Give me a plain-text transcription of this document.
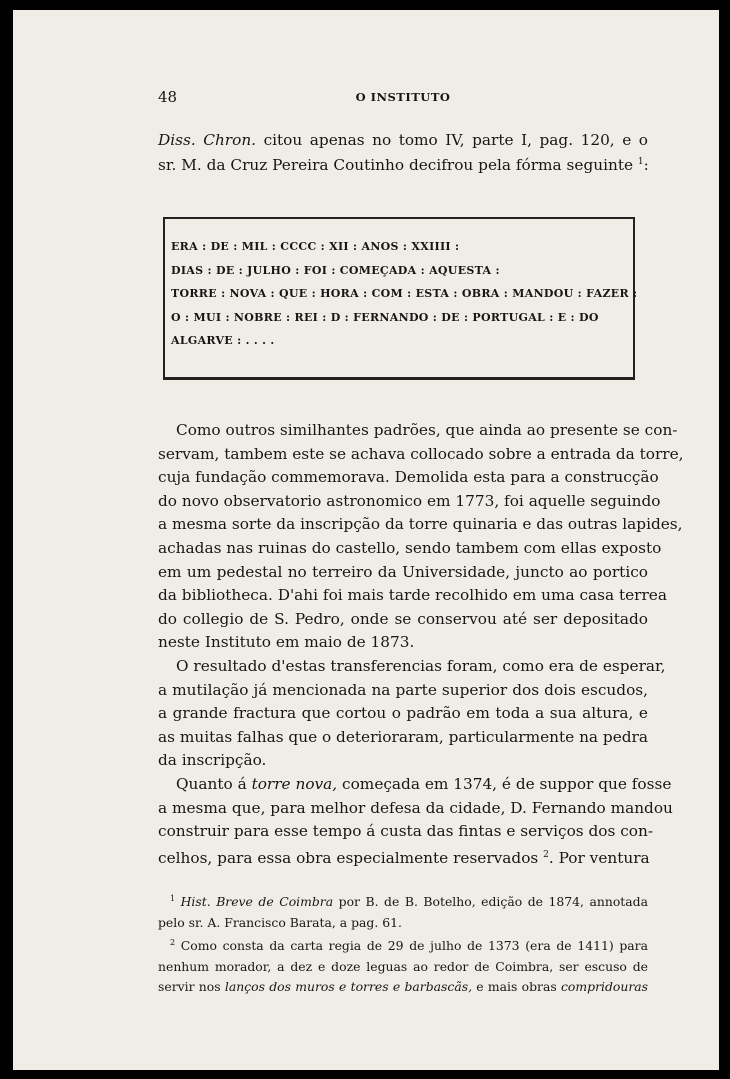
48	O INSTITUTO
Diss. Chron. citou apenas no tomo IV, parte I, pag. 120, e o
sr. M. da Cruz Pereira Coutinho decifrou pela fórma seguinte $^1$:
ERA : DE : MIL : CCCC : XII : ANOS : XXIIII :
DIAS : DE : JULHO : FOI : COMEÇADA : AQUESTA :
TORRE : NOVA : QUE : HORA : COM : ESTA : OBRA : MANDOU : FAZER :
O : MUI : NOBRE : REI : D : FERNANDO : DE : PORTUGAL : E : DO
ALGARVE : . . . .
Como outros similhantes padrões, que ainda ao presente se con-
servam, tambem este se achava collocado sobre a entrada da torre,
cuja fundação commemorava. Demolida esta para a construcção
do novo observatorio astronomico em 1773, foi aquelle seguindo
a mesma sorte da inscripção da torre quinaria e das outras lapides,
achadas nas ruinas do castello, sendo tambem com ellas exposto
em um pedestal no terreiro da Universidade, juncto ao portico
da bibliotheca. D'ahi foi mais tarde recolhido em uma casa terrea
do collegio de S. Pedro, onde se conservou até ser depositado
neste Instituto em maio de 1873.
O resultado d'estas transferencias foram, como era de esperar,
a mutilação já mencionada na parte superior dos dois escudos,
a grande fractura que cortou o padrão em toda a sua altura, e
as muitas falhas que o deterioraram, particularmente na pedra
da inscripção.
Quanto á torre nova, começada em 1374, é de suppor que fosse
a mesma que, para melhor defesa da cidade, D. Fernando mandou
construir para esse tempo á custa das fintas e serviços dos con-
celhos, para essa obra especialmente reservados $^2$. Por ventura
$^1$ Hist. Breve de Coimbra por B. de B. Botelho, edição de 1874, annotada
pelo sr. A. Francisco Barata, a pag. 61.
$^2$ Como consta da carta regia de 29 de julho de 1373 (era de 1411) para
nenhum morador, a dez e doze leguas ao redor de Coimbra, ser escuso de
servir nos lanços dos muros e torres e barbascãs, e mais obras compridouras
